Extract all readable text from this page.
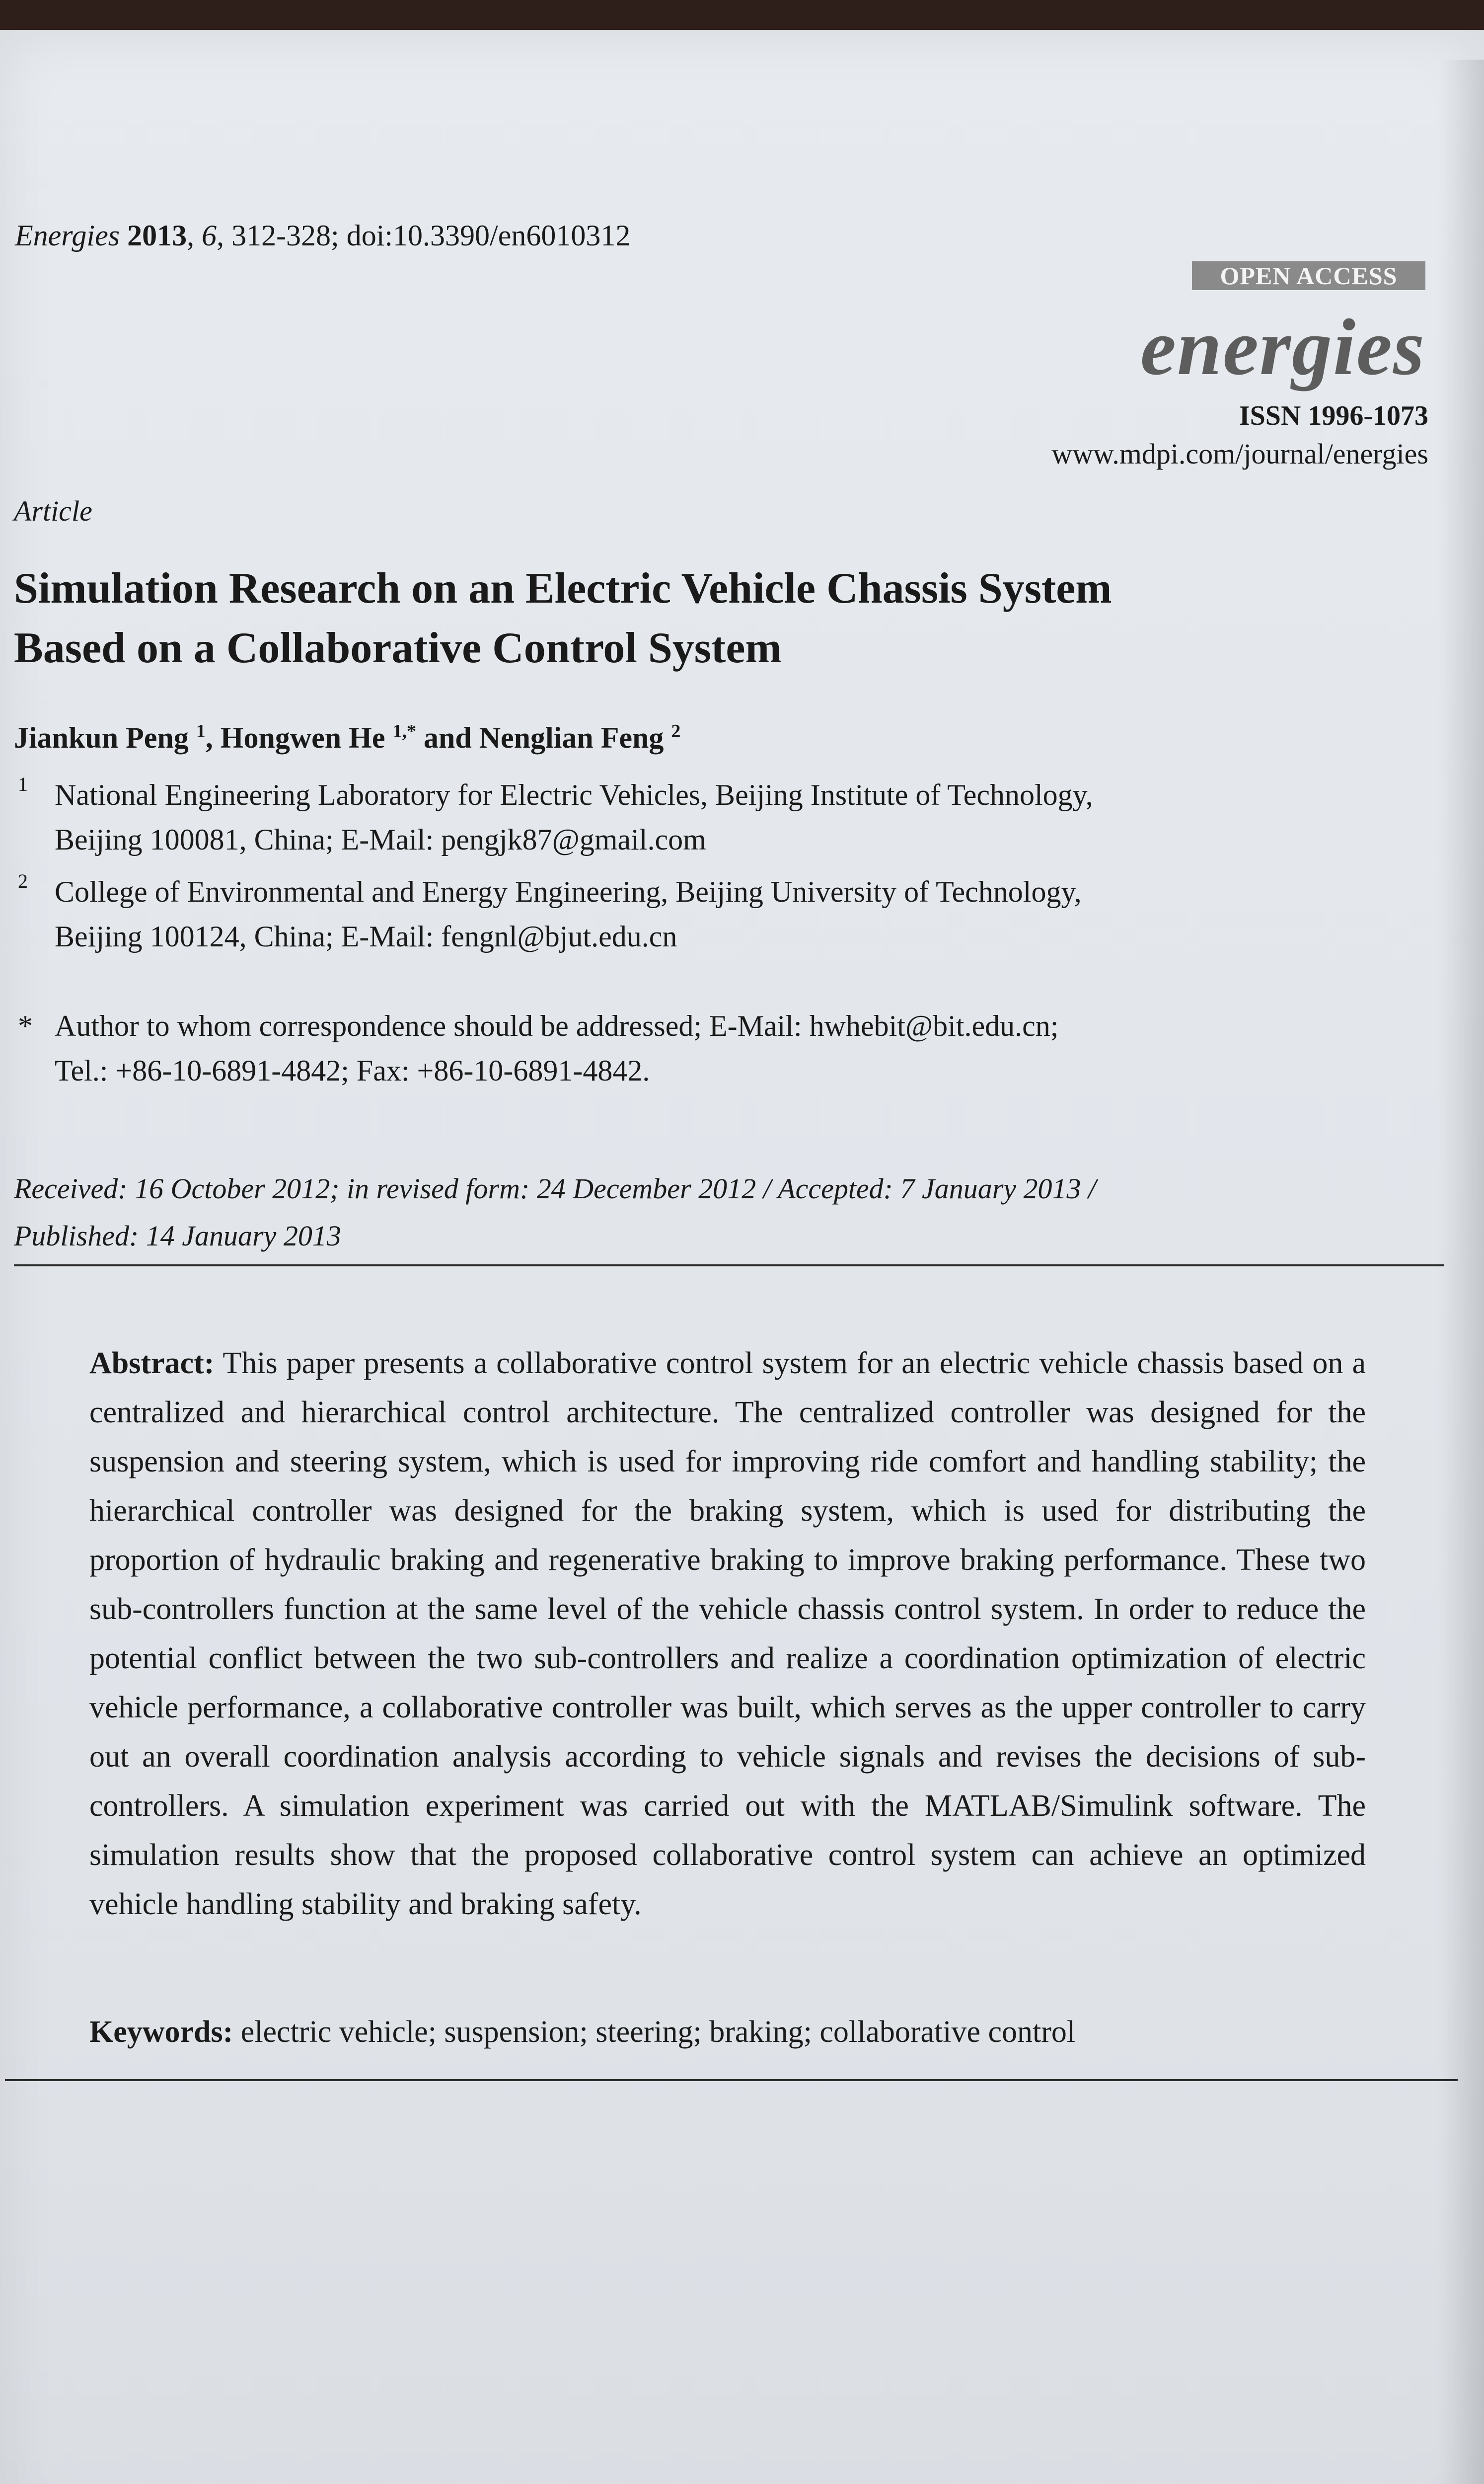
Energies 2013, 6, 312-328; doi:10.3390/en6010312
OPEN ACCESS
energies
ISSN 1996-1073
www.mdpi.com/journal/energies
Article
Simulation Research on an Electric Vehicle Chassis System
Based on a Collaborative Control System
Jiankun Peng $^1$, Hongwen He $^{1,*}$ and Nenglian Feng $^2$
1 National Engineering Laboratory for Electric Vehicles, Beijing Institute of Technology,
Beijing 100081, China; E-Mail: pengjk87@gmail.com
2 College of Environmental and Energy Engineering, Beijing University of Technology,
Beijing 100124, China; E-Mail: fengnl@bjut.edu.cn
* Author to whom correspondence should be addressed; E-Mail: hwhebit@bit.edu.cn;
Tel.: +86-10-6891-4842; Fax: +86-10-6891-4842.
Received: 16 October 2012; in revised form: 24 December 2012 / Accepted: 7 January 2013 /
Published: 14 January 2013
Abstract: This paper presents a collaborative control system for an electric vehicle chassis based on a centralized and hierarchical control architecture. The centralized controller was designed for the suspension and steering system, which is used for improving ride comfort and handling stability; the hierarchical controller was designed for the braking system, which is used for distributing the proportion of hydraulic braking and regenerative braking to improve braking performance. These two sub-controllers function at the same level of the vehicle chassis control system. In order to reduce the potential conflict between the two sub-controllers and realize a coordination optimization of electric vehicle performance, a collaborative controller was built, which serves as the upper controller to carry out an overall coordination analysis according to vehicle signals and revises the decisions of sub-controllers. A simulation experiment was carried out with the MATLAB/Simulink software. The simulation results show that the proposed collaborative control system can achieve an optimized vehicle handling stability and braking safety.
Keywords: electric vehicle; suspension; steering; braking; collaborative control
